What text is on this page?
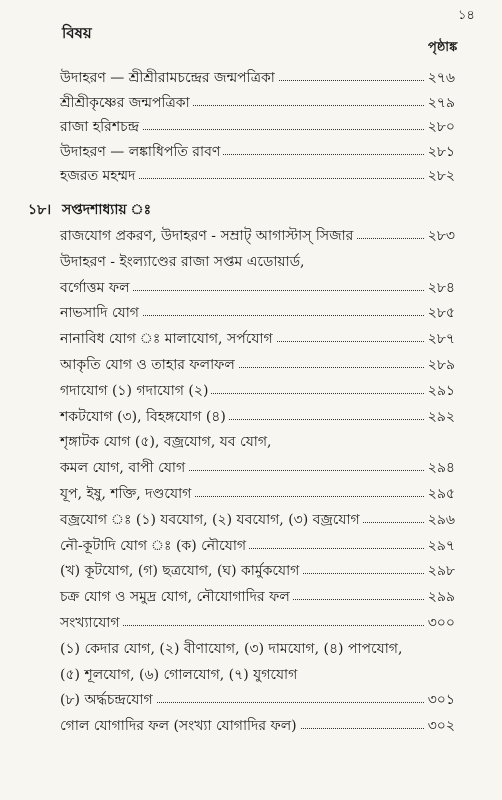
১৪
বিষয়
পৃষ্ঠাঙ্ক
উদাহরণ — শ্রীশ্রীরামচন্দ্রের জন্মপত্রিকা	২৭৬
শ্রীশ্রীকৃষ্ণের জন্মপত্রিকা	২৭৯
রাজা হরিশচন্দ্র	২৮০
উদাহরণ — লঙ্কাধিপতি রাবণ	২৮১
হজরত মহম্মদ	২৮২
১৮। সপ্তদশাধ্যায় ঃ
রাজযোগ প্রকরণ, উদাহরণ - সম্রাট্ আগাস্টাস্ সিজার	২৮৩
উদাহরণ - ইংল্যাণ্ডের রাজা সপ্তম এডোয়ার্ড,
বর্গোত্তম ফল	২৮৪
নাভসাদি যোগ	২৮৫
নানাবিধ যোগ ঃ মালাযোগ, সর্পযোগ	২৮৭
আকৃতি যোগ ও তাহার ফলাফল	২৮৯
গদাযোগ (১) গদাযোগ (২)	২৯১
শকটযোগ (৩), বিহঙ্গযোগ (৪)	২৯২
শৃঙ্গাটক যোগ (৫), বজ্রযোগ, যব যোগ,
কমল যোগ, বাপী যোগ	২৯৪
যূপ, ইষু, শক্তি, দণ্ডযোগ	২৯৫
বজ্রযোগ ঃ (১) যবযোগ, (২) যবযোগ, (৩) বজ্রযোগ	২৯৬
নৌ-কূটাদি যোগ ঃ (ক) নৌযোগ	২৯৭
(খ) কূটযোগ, (গ) ছত্রযোগ, (ঘ) কার্মুকযোগ	২৯৮
চক্র যোগ ও সমুদ্র যোগ, নৌযোগাদির ফল	২৯৯
সংখ্যাযোগ	৩০০
(১) কেদার যোগ, (২) বীণাযোগ, (৩) দামযোগ, (৪) পাপযোগ,
(৫) শূলযোগ, (৬) গোলযোগ, (৭) যুগযোগ
(৮) অর্দ্ধচন্দ্রযোগ	৩০১
গোল যোগাদির ফল (সংখ্যা যোগাদির ফল)	৩০২
